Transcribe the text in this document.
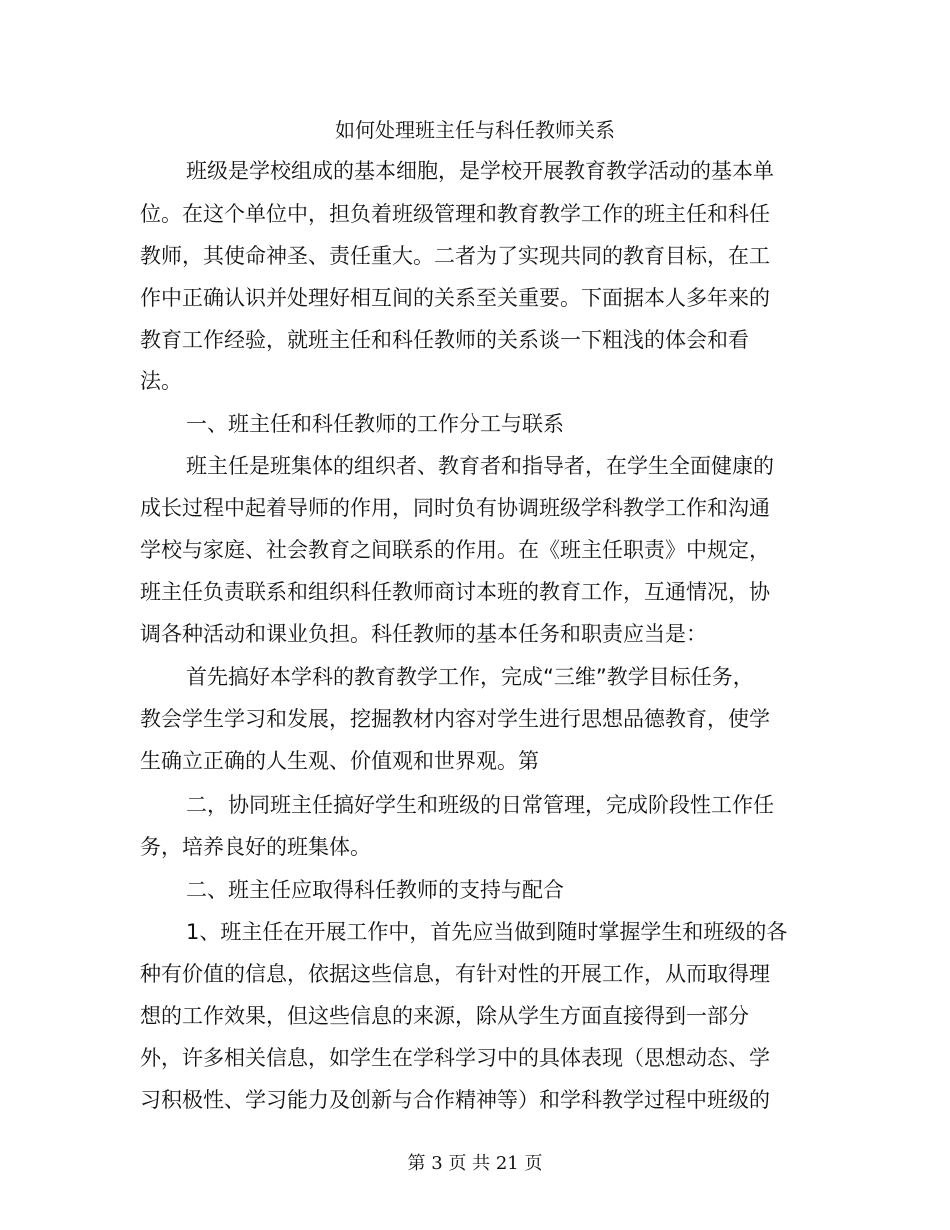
如何处理班主任与科任教师关系

班级是学校组成的基本细胞，是学校开展教育教学活动的基本单

位。在这个单位中，担负着班级管理和教育教学工作的班主任和科任

教师，其使命神圣、责任重大。二者为了实现共同的教育目标，在工

作中正确认识并处理好相互间的关系至关重要。下面据本人多年来的

教育工作经验，就班主任和科任教师的关系谈一下粗浅的体会和看

法。

一、班主任和科任教师的工作分工与联系

班主任是班集体的组织者、教育者和指导者，在学生全面健康的

成长过程中起着导师的作用，同时负有协调班级学科教学工作和沟通

学校与家庭、社会教育之间联系的作用。在《班主任职责》中规定，

班主任负责联系和组织科任教师商讨本班的教育工作，互通情况，协

调各种活动和课业负担。科任教师的基本任务和职责应当是：

首先搞好本学科的教育教学工作，完成“三维”教学目标任务，

教会学生学习和发展，挖掘教材内容对学生进行思想品德教育，使学

生确立正确的人生观、价值观和世界观。第

二，协同班主任搞好学生和班级的日常管理，完成阶段性工作任

务，培养良好的班集体。

二、班主任应取得科任教师的支持与配合

1、班主任在开展工作中，首先应当做到随时掌握学生和班级的各

种有价值的信息，依据这些信息，有针对性的开展工作，从而取得理

想的工作效果，但这些信息的来源，除从学生方面直接得到一部分

外，许多相关信息，如学生在学科学习中的具体表现（思想动态、学

习积极性、学习能力及创新与合作精神等）和学科教学过程中班级的

第 3 页 共 21 页
